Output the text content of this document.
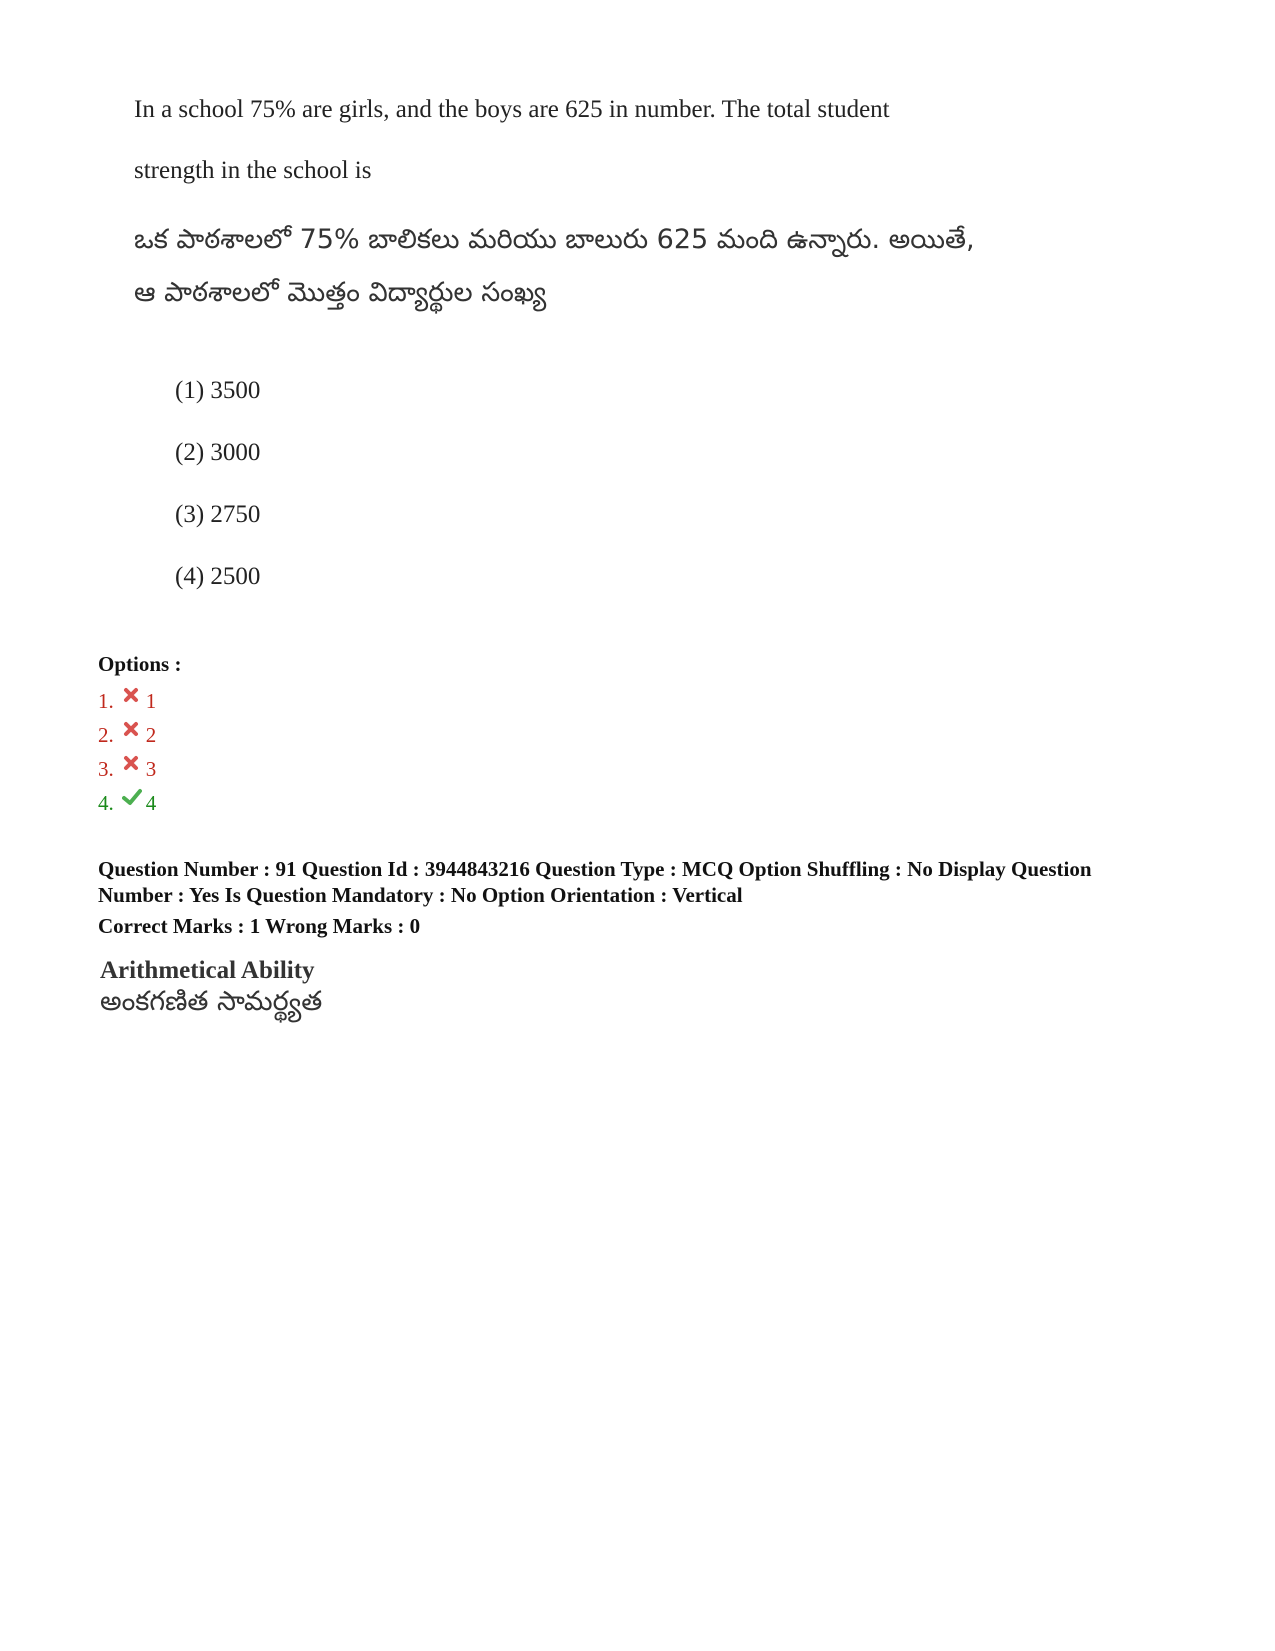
In a school 75% are girls, and the boys are 625 in number. The total student
strength in the school is
ఒక పాఠశాలలో 75% బాలికలు మరియు బాలురు 625 మంది ఉన్నారు. అయితే,
ఆ పాఠశాలలో మొత్తం విద్యార్థుల సంఖ్య
(1) 3500
(2) 3000
(3) 2750
(4) 2500
Options :
1. 1
2. 2
3. 3
4. 4
Question Number : 91 Question Id : 3944843216 Question Type : MCQ Option Shuffling : No Display Question
Number : Yes Is Question Mandatory : No Option Orientation : Vertical
Correct Marks : 1 Wrong Marks : 0
Arithmetical Ability
అంకగణిత సామర్థ్యత
